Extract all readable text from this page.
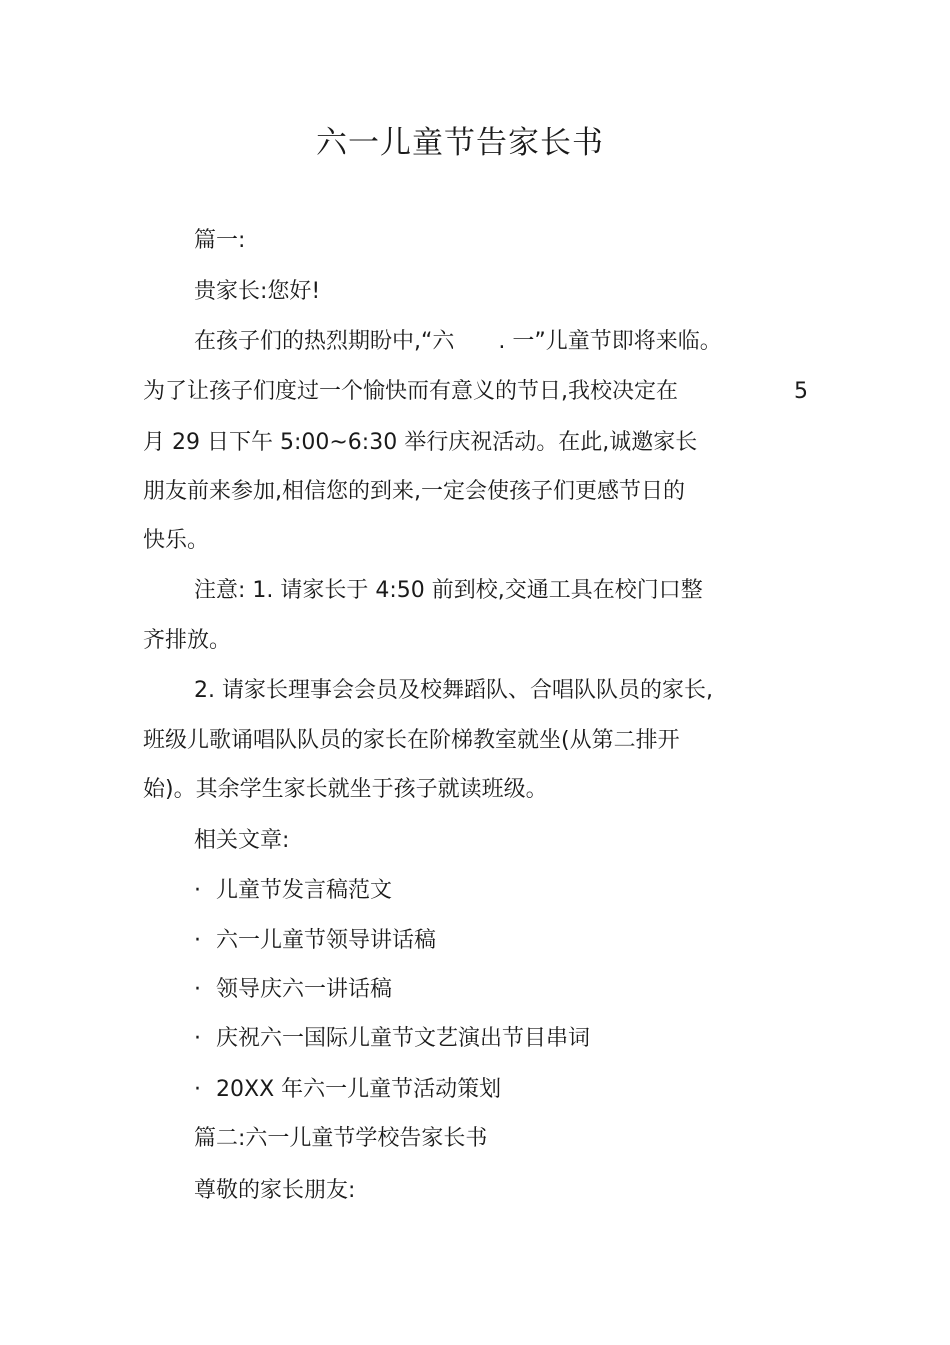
六一儿童节告家长书
篇一:
贵家长:您好!
在孩子们的热烈期盼中,“六　　. 一”儿童节即将来临。
为了让孩子们度过一个愉快而有意义的节日,我校决定在	5
月 29 日下午 5:00~6:30 举行庆祝活动。在此,诚邀家长
朋友前来参加,相信您的到来,一定会使孩子们更感节日的
快乐。
注意: 1. 请家长于 4:50 前到校,交通工具在校门口整
齐排放。
2. 请家长理事会会员及校舞蹈队、合唱队队员的家长,
班级儿歌诵唱队队员的家长在阶梯教室就坐(从第二排开
始)。其余学生家长就坐于孩子就读班级。
相关文章:
· 儿童节发言稿范文
· 六一儿童节领导讲话稿
· 领导庆六一讲话稿
· 庆祝六一国际儿童节文艺演出节目串词
· 20XX 年六一儿童节活动策划
篇二:六一儿童节学校告家长书
尊敬的家长朋友:
